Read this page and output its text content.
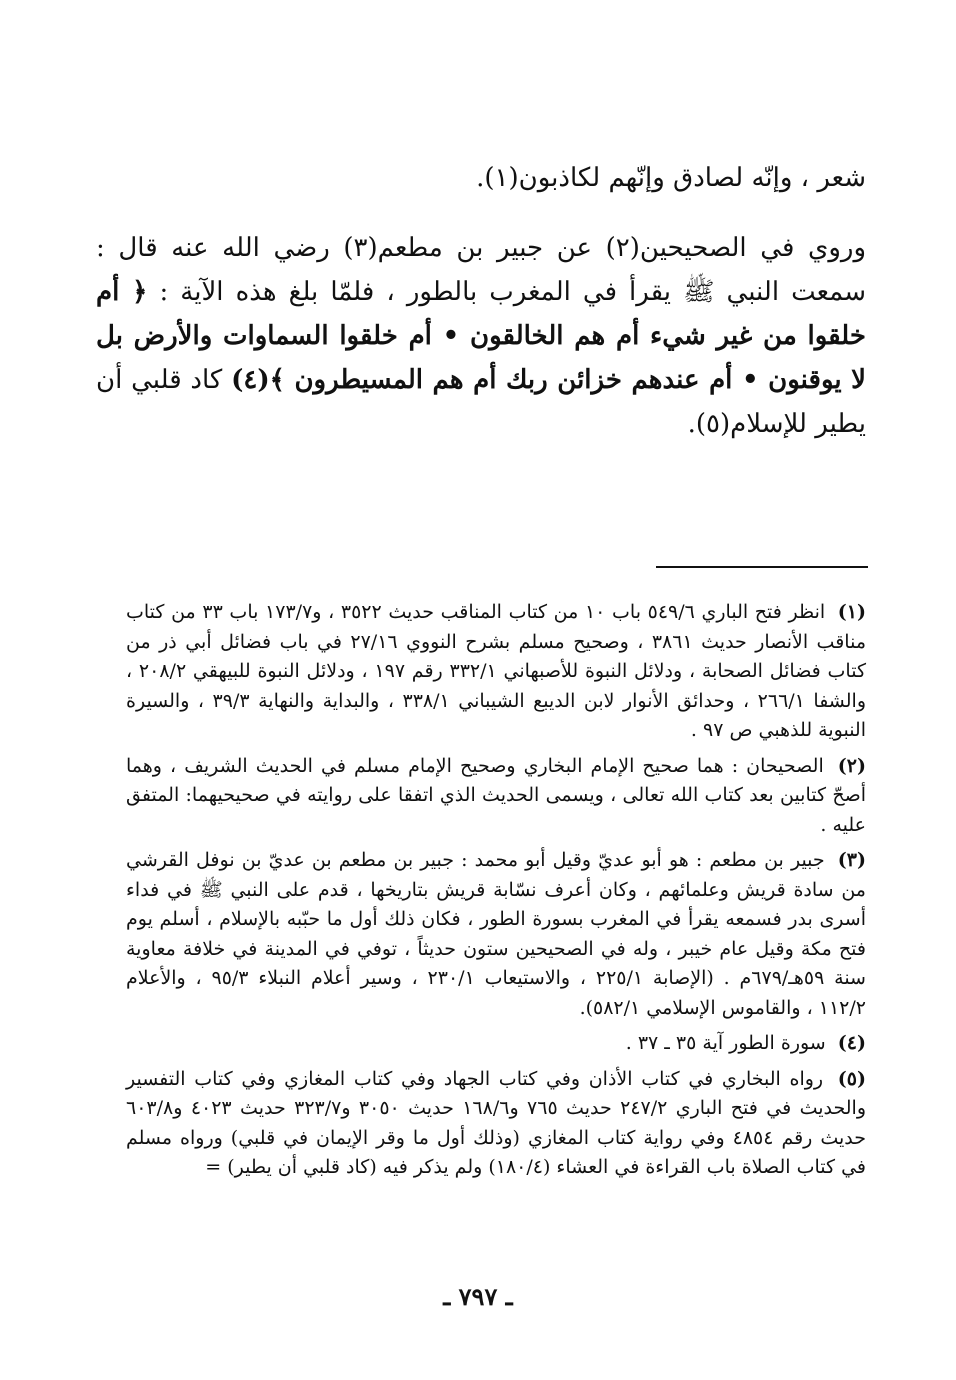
شعر ، وإنّه لصادق وإنّهم لكاذبون(١).
وروي في الصحيحين(٢) عن جبير بن مطعم(٣) رضي الله عنه قال : سمعت النبي ﷺ يقرأ في المغرب بالطور ، فلمّا بلغ هذه الآية : ﴿ أم خلقوا من غير شيء أم هم الخالقون • أم خلقوا السماوات والأرض بل لا يوقنون • أم عندهم خزائن ربك أم هم المسيطرون ﴾(٤) كاد قلبي أن يطير للإسلام(٥).

(١) انظر فتح الباري ٥٤٩/٦ باب ١٠ من كتاب المناقب حديث ٣٥٢٢ ، و١٧٣/٧ باب ٣٣ من كتاب مناقب الأنصار حديث ٣٨٦١ ، وصحيح مسلم بشرح النووي ٢٧/١٦ في باب فضائل أبي ذر من كتاب فضائل الصحابة ، ودلائل النبوة للأصبهاني ٣٣٢/١ رقم ١٩٧ ، ودلائل النبوة للبيهقي ٢٠٨/٢ ، والشفا ٢٦٦/١ ، وحدائق الأنوار لابن الديبع الشيباني ٣٣٨/١ ، والبداية والنهاية ٣٩/٣ ، والسيرة النبوية للذهبي ص ٩٧ .

(٢) الصحيحان : هما صحيح الإمام البخاري وصحيح الإمام مسلم في الحديث الشريف ، وهما أصحّ كتابين بعد كتاب الله تعالى ، ويسمى الحديث الذي اتفقا على روايته في صحيحيهما: المتفق عليه .

(٣) جبير بن مطعم : هو أبو عديّ وقيل أبو محمد : جبير بن مطعم بن عديّ بن نوفل القرشي من سادة قريش وعلمائهم ، وكان أعرف نسّابة قريش بتاريخها ، قدم على النبي ﷺ في فداء أسرى بدر فسمعه يقرأ في المغرب بسورة الطور ، فكان ذلك أول ما حبّبه بالإسلام ، أسلم يوم فتح مكة وقيل عام خيبر ، وله في الصحيحين ستون حديثاً ، توفي في المدينة في خلافة معاوية سنة ٥٩هـ/٦٧٩م . (الإصابة ٢٢٥/١ ، والاستيعاب ٢٣٠/١ ، وسير أعلام النبلاء ٩٥/٣ ، والأعلام ١١٢/٢ ، والقاموس الإسلامي ٥٨٢/١).

(٤) سورة الطور آية ٣٥ ـ ٣٧ .

(٥) رواه البخاري في كتاب الأذان وفي كتاب الجهاد وفي كتاب المغازي وفي كتاب التفسير والحديث في فتح الباري ٢٤٧/٢ حديث ٧٦٥ و١٦٨/٦ حديث ٣٠٥٠ و٣٢٣/٧ حديث ٤٠٢٣ و٦٠٣/٨ حديث رقم ٤٨٥٤ وفي رواية كتاب المغازي (وذلك أول ما وقر الإيمان في قلبي) ورواه مسلم في كتاب الصلاة باب القراءة في العشاء (١٨٠/٤) ولم يذكر فيه (كاد قلبي أن يطير) =

ـ ٧٩٧ ـ
